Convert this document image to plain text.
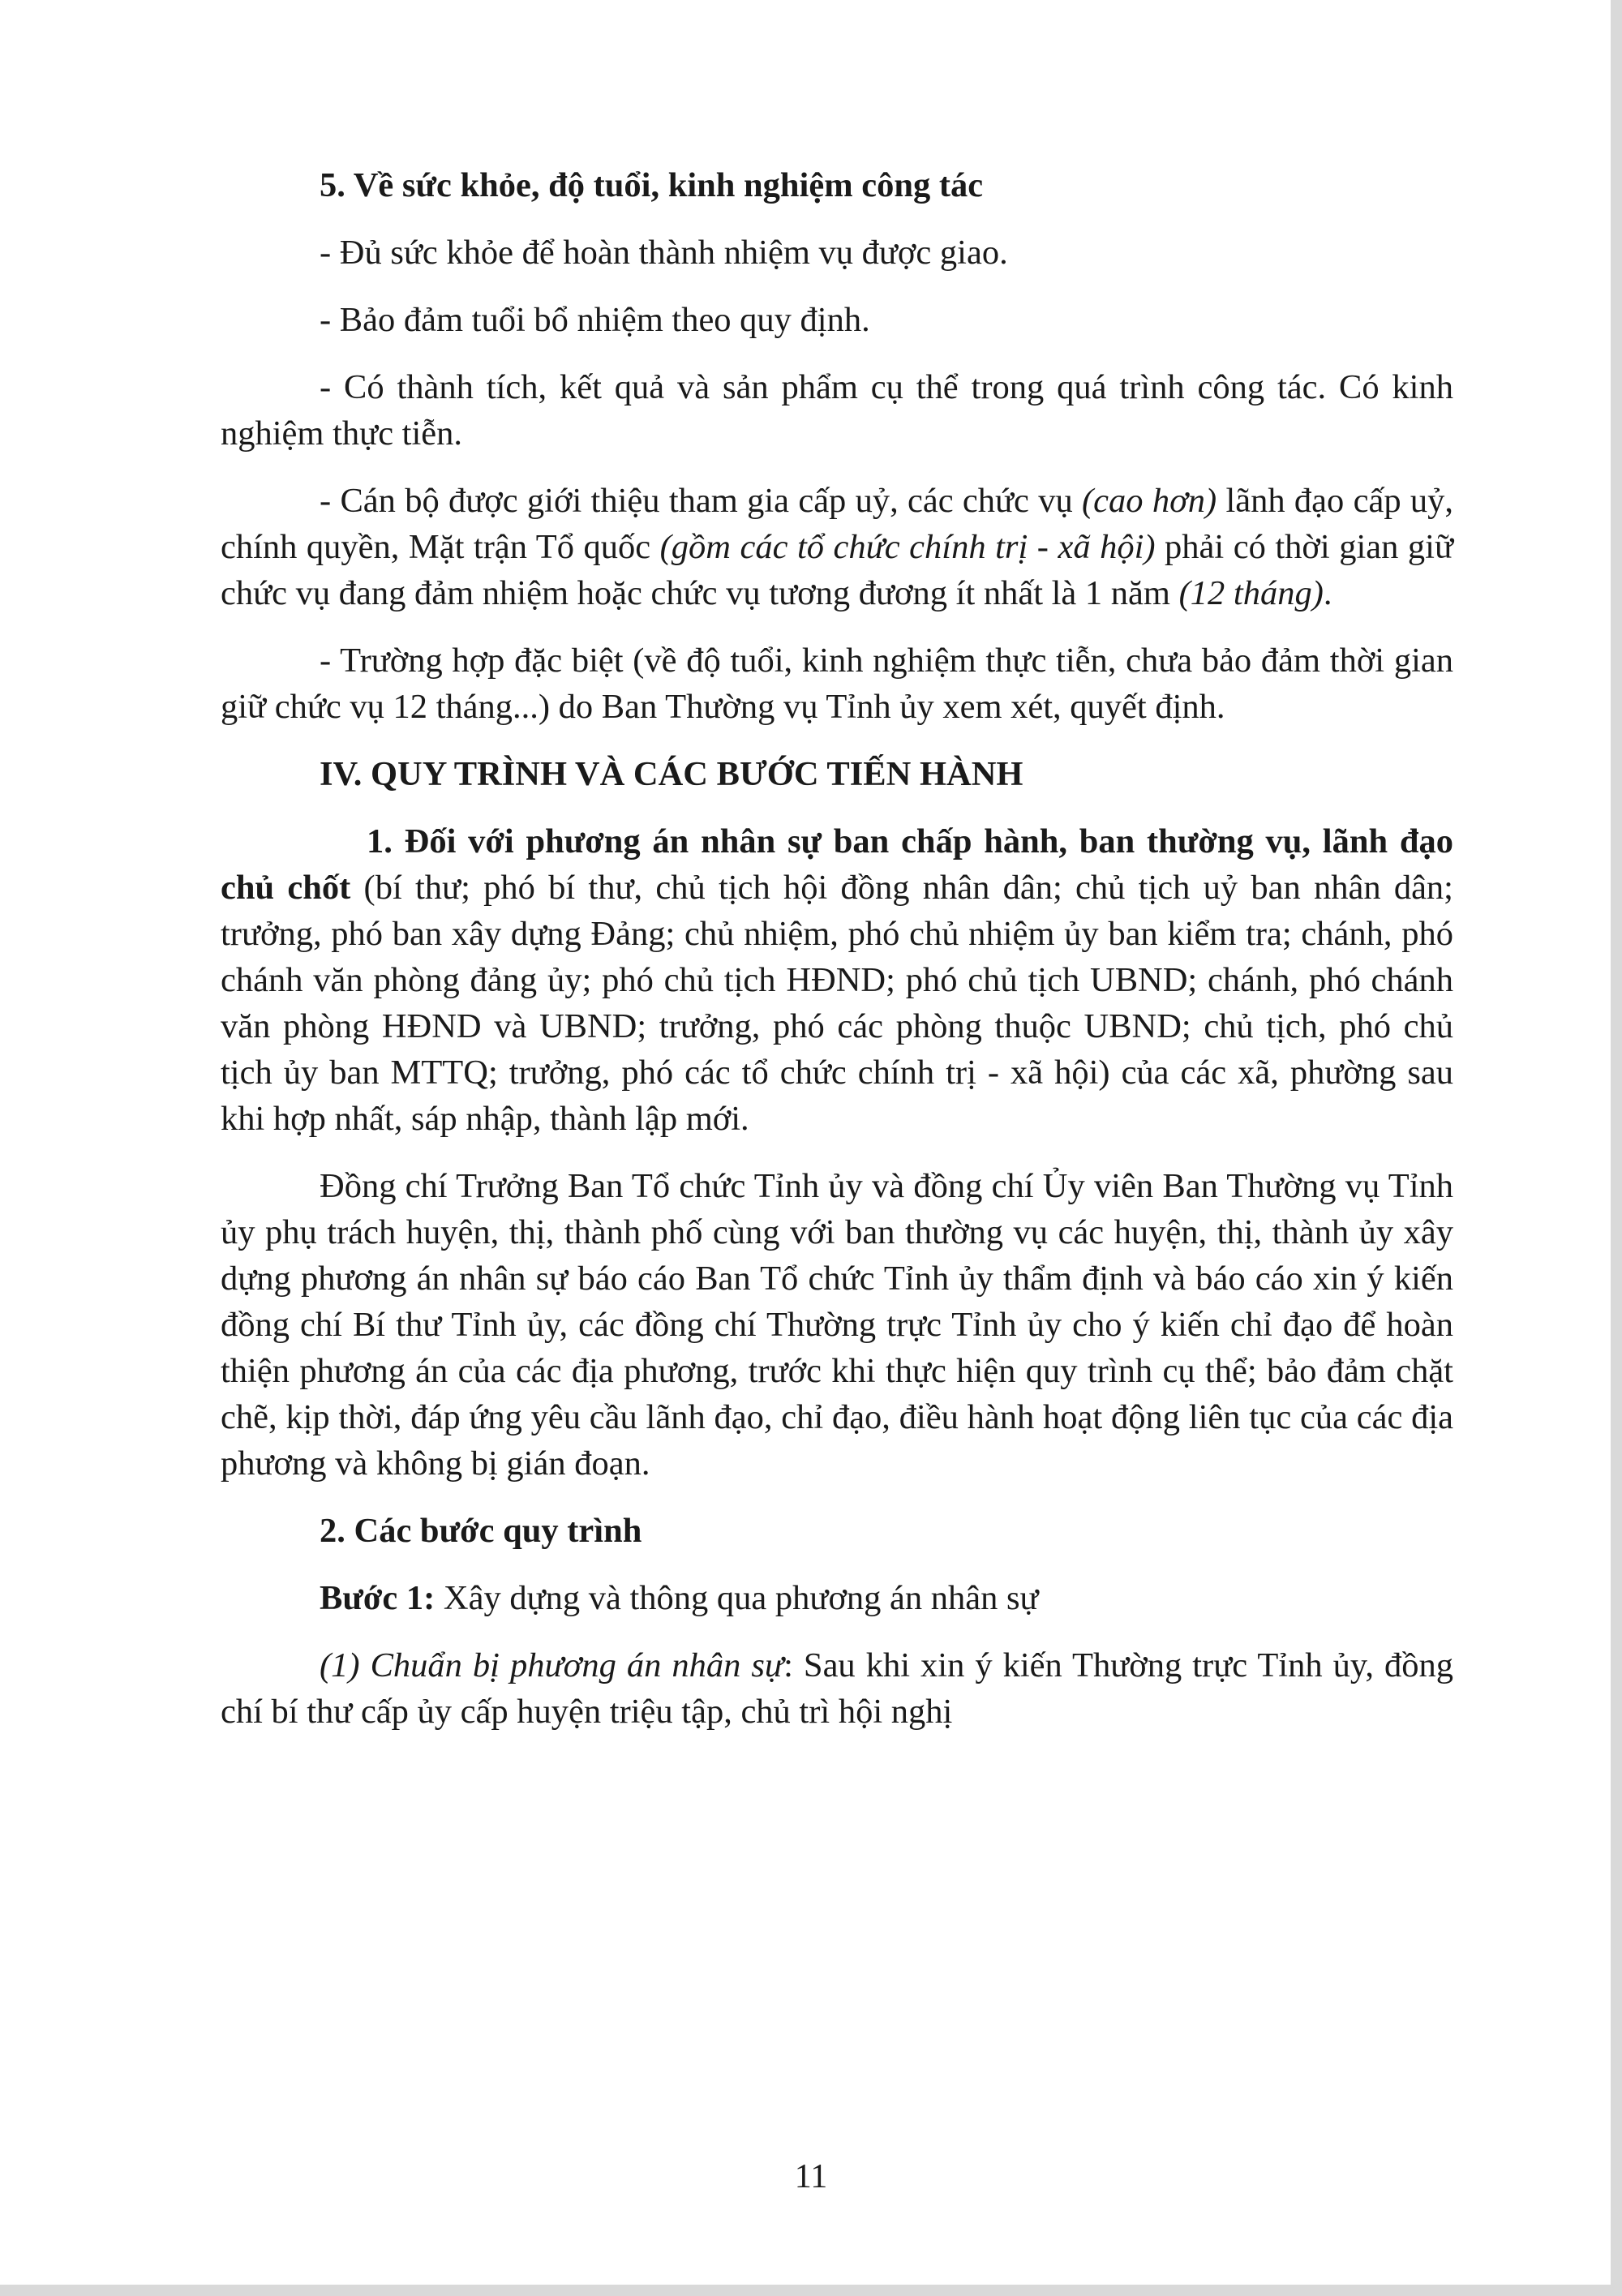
5. Về sức khỏe, độ tuổi, kinh nghiệm công tác

- Đủ sức khỏe để hoàn thành nhiệm vụ được giao.

- Bảo đảm tuổi bổ nhiệm theo quy định.

- Có thành tích, kết quả và sản phẩm cụ thể trong quá trình công tác. Có kinh nghiệm thực tiễn.

- Cán bộ được giới thiệu tham gia cấp uỷ, các chức vụ (cao hơn) lãnh đạo cấp uỷ, chính quyền, Mặt trận Tổ quốc (gồm các tổ chức chính trị - xã hội) phải có thời gian giữ chức vụ đang đảm nhiệm hoặc chức vụ tương đương ít nhất là 1 năm (12 tháng).

- Trường hợp đặc biệt (về độ tuổi, kinh nghiệm thực tiễn, chưa bảo đảm thời gian giữ chức vụ 12 tháng...) do Ban Thường vụ Tỉnh ủy xem xét, quyết định.

IV. QUY TRÌNH VÀ CÁC BƯỚC TIẾN HÀNH

1. Đối với phương án nhân sự ban chấp hành, ban thường vụ, lãnh đạo chủ chốt (bí thư; phó bí thư, chủ tịch hội đồng nhân dân; chủ tịch uỷ ban nhân dân; trưởng, phó ban xây dựng Đảng; chủ nhiệm, phó chủ nhiệm ủy ban kiểm tra; chánh, phó chánh văn phòng đảng ủy; phó chủ tịch HĐND; phó chủ tịch UBND; chánh, phó chánh văn phòng HĐND và UBND; trưởng, phó các phòng thuộc UBND; chủ tịch, phó chủ tịch ủy ban MTTQ; trưởng, phó các tổ chức chính trị - xã hội) của các xã, phường sau khi hợp nhất, sáp nhập, thành lập mới.

Đồng chí Trưởng Ban Tổ chức Tỉnh ủy và đồng chí Ủy viên Ban Thường vụ Tỉnh ủy phụ trách huyện, thị, thành phố cùng với ban thường vụ các huyện, thị, thành ủy xây dựng phương án nhân sự báo cáo Ban Tổ chức Tỉnh ủy thẩm định và báo cáo xin ý kiến đồng chí Bí thư Tỉnh ủy, các đồng chí Thường trực Tỉnh ủy cho ý kiến chỉ đạo để hoàn thiện phương án của các địa phương, trước khi thực hiện quy trình cụ thể; bảo đảm chặt chẽ, kịp thời, đáp ứng yêu cầu lãnh đạo, chỉ đạo, điều hành hoạt động liên tục của các địa phương và không bị gián đoạn.

2. Các bước quy trình

Bước 1: Xây dựng và thông qua phương án nhân sự

(1) Chuẩn bị phương án nhân sự: Sau khi xin ý kiến Thường trực Tỉnh ủy, đồng chí bí thư cấp ủy cấp huyện triệu tập, chủ trì hội nghị

11
